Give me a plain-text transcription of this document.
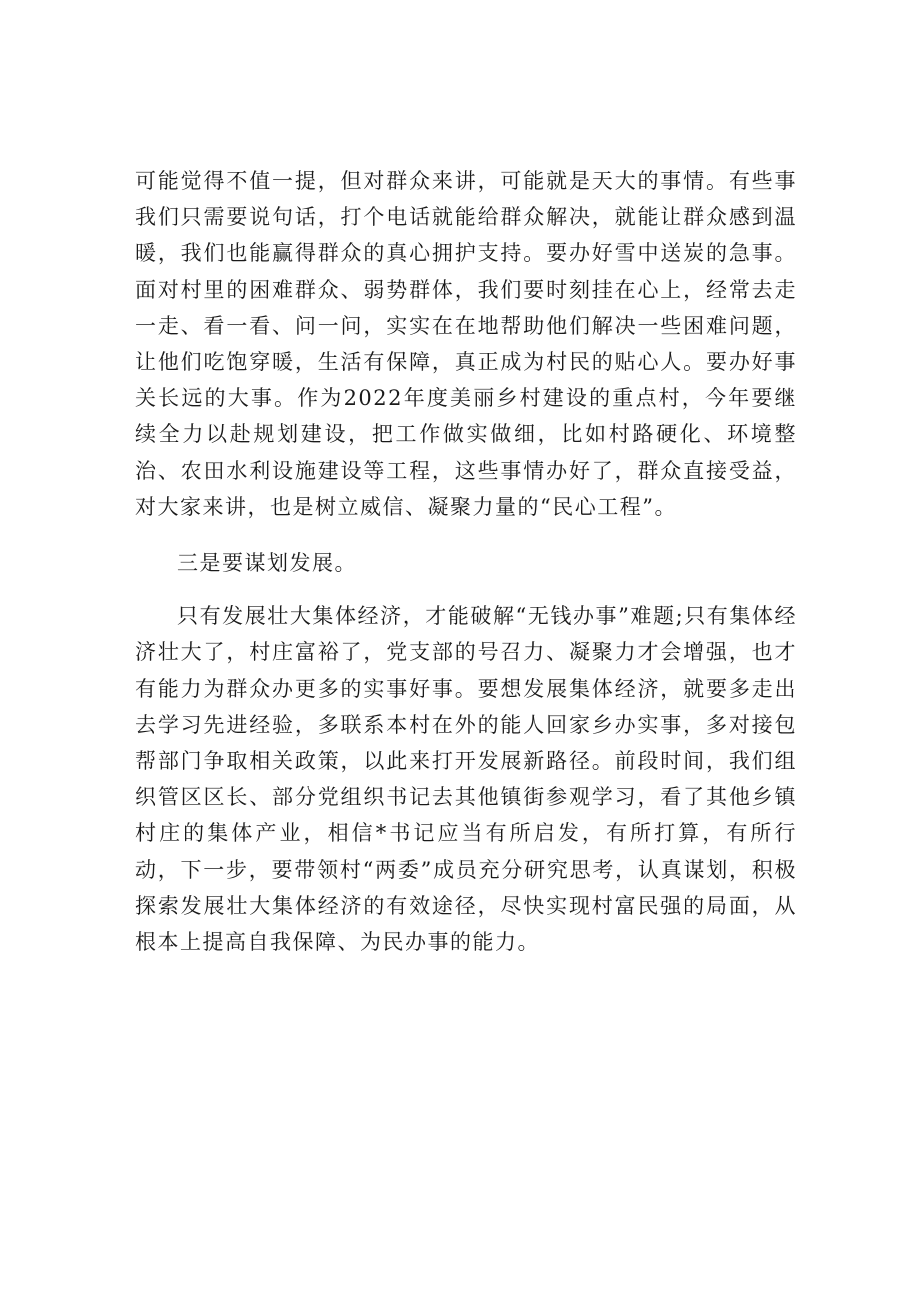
可能觉得不值一提，但对群众来讲，可能就是天大的事情。有些事我们只需要说句话，打个电话就能给群众解决，就能让群众感到温暖，我们也能赢得群众的真心拥护支持。要办好雪中送炭的急事。面对村里的困难群众、弱势群体，我们要时刻挂在心上，经常去走一走、看一看、问一问，实实在在地帮助他们解决一些困难问题，让他们吃饱穿暖，生活有保障，真正成为村民的贴心人。要办好事关长远的大事。作为2022年度美丽乡村建设的重点村，今年要继续全力以赴规划建设，把工作做实做细，比如村路硬化、环境整治、农田水利设施建设等工程，这些事情办好了，群众直接受益，对大家来讲，也是树立威信、凝聚力量的“民心工程”。

三是要谋划发展。

只有发展壮大集体经济，才能破解“无钱办事”难题;只有集体经济壮大了，村庄富裕了，党支部的号召力、凝聚力才会增强，也才有能力为群众办更多的实事好事。要想发展集体经济，就要多走出去学习先进经验，多联系本村在外的能人回家乡办实事，多对接包帮部门争取相关政策，以此来打开发展新路径。前段时间，我们组织管区区长、部分党组织书记去其他镇街参观学习，看了其他乡镇村庄的集体产业，相信*书记应当有所启发，有所打算，有所行动，下一步，要带领村“两委”成员充分研究思考，认真谋划，积极探索发展壮大集体经济的有效途径，尽快实现村富民强的局面，从根本上提高自我保障、为民办事的能力。
